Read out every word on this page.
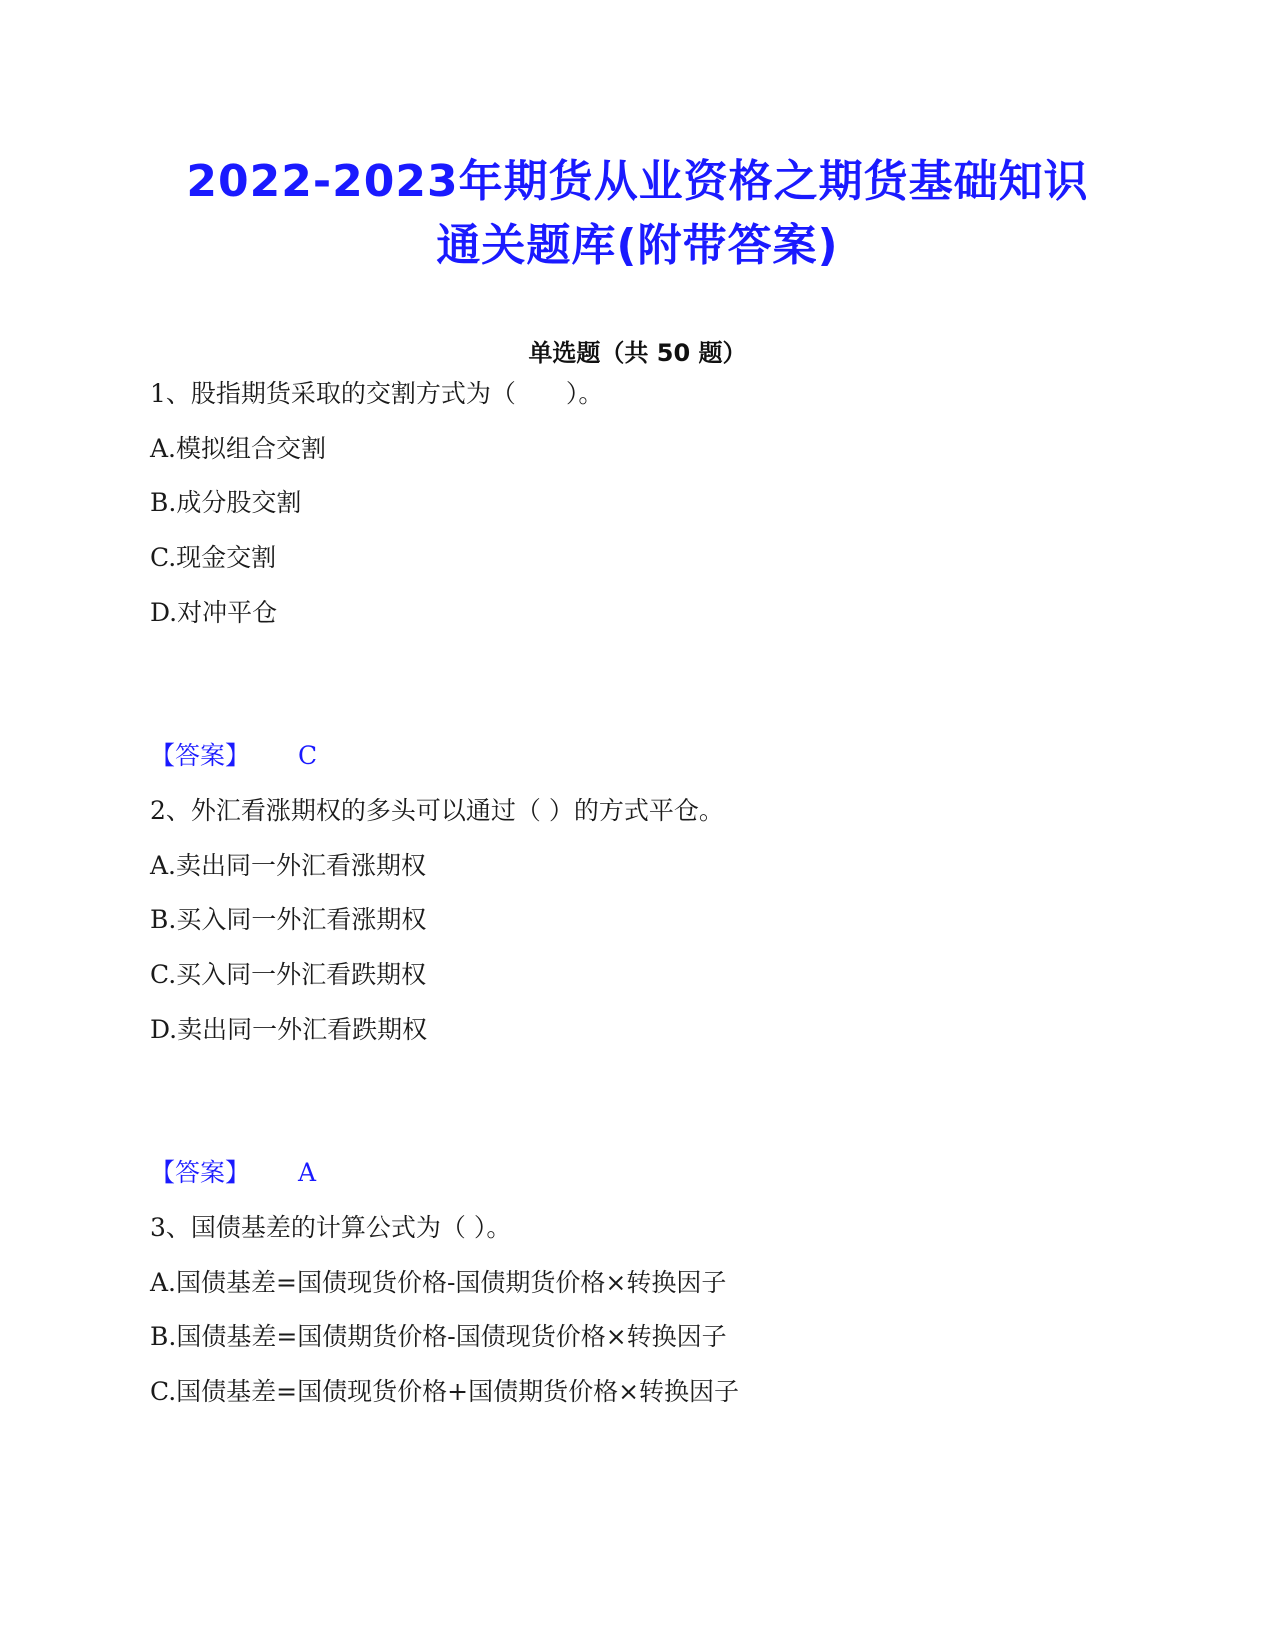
2022-2023年期货从业资格之期货基础知识
通关题库(附带答案)
单选题（共 50 题）
1、股指期货采取的交割方式为（　　）。
A.模拟组合交割
B.成分股交割
C.现金交割
D.对冲平仓
【答案】 C
2、外汇看涨期权的多头可以通过（ ）的方式平仓。
A.卖出同一外汇看涨期权
B.买入同一外汇看涨期权
C.买入同一外汇看跌期权
D.卖出同一外汇看跌期权
【答案】 A
3、国债基差的计算公式为（ ）。
A.国债基差=国债现货价格-国债期货价格×转换因子
B.国债基差=国债期货价格-国债现货价格×转换因子
C.国债基差=国债现货价格+国债期货价格×转换因子
